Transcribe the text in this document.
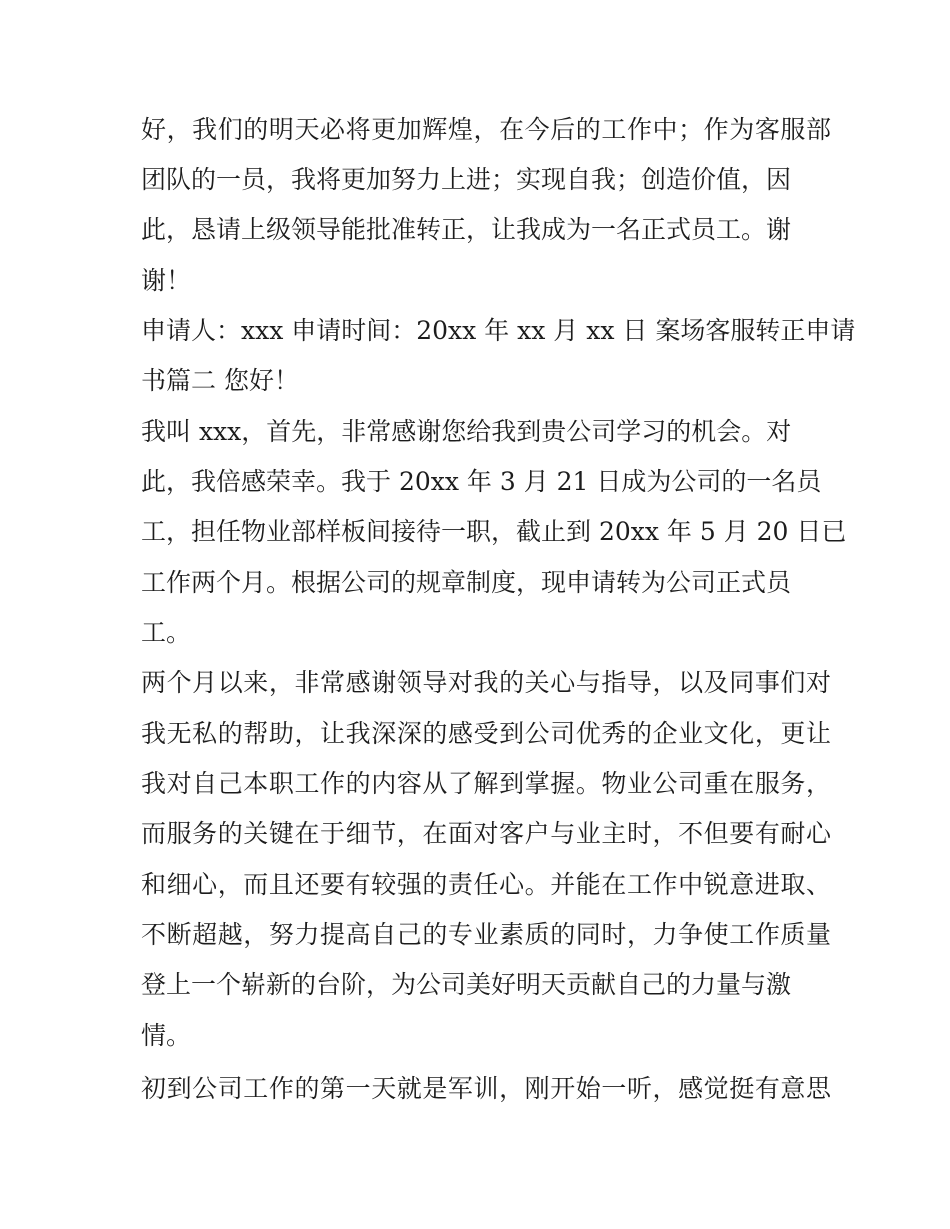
好，我们的明天必将更加辉煌，在今后的工作中；作为客服部
团队的一员，我将更加努力上进；实现自我；创造价值，因
此，恳请上级领导能批准转正，让我成为一名正式员工。谢
谢！
申请人：xxx 申请时间：20xx 年 xx 月 xx 日 案场客服转正申请
书篇二 您好！
我叫 xxx，首先，非常感谢您给我到贵公司学习的机会。对
此，我倍感荣幸。我于 20xx 年 3 月 21 日成为公司的一名员
工，担任物业部样板间接待一职，截止到 20xx 年 5 月 20 日已
工作两个月。根据公司的规章制度，现申请转为公司正式员
工。
两个月以来，非常感谢领导对我的关心与指导，以及同事们对
我无私的帮助，让我深深的感受到公司优秀的企业文化，更让
我对自己本职工作的内容从了解到掌握。物业公司重在服务，
而服务的关键在于细节，在面对客户与业主时，不但要有耐心
和细心，而且还要有较强的责任心。并能在工作中锐意进取、
不断超越，努力提高自己的专业素质的同时，力争使工作质量
登上一个崭新的台阶，为公司美好明天贡献自己的力量与激
情。
初到公司工作的第一天就是军训，刚开始一听，感觉挺有意思
